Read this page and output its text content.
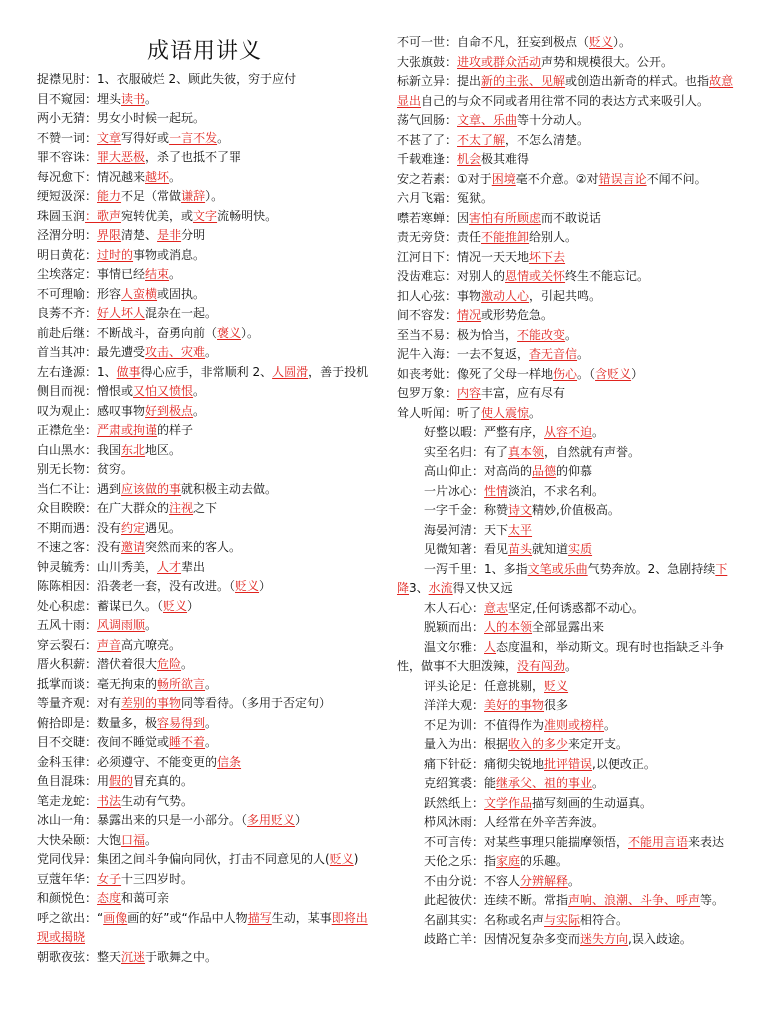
成语用讲义

捉襟见肘：1、衣服破烂 2、顾此失彼，穷于应付

目不窥园：埋头读书。

两小无猜：男女小时候一起玩。

不赞一词：文章写得好或一言不发。

罪不容诛：罪大恶极，杀了也抵不了罪

每况愈下：情况越来越坏。

绠短汲深：能力不足（常做谦辞）。

珠圆玉润：歌声宛转优美，或文字流畅明快。

泾渭分明：界限清楚、是非分明

明日黄花：过时的事物或消息。

尘埃落定：事情已经结束。

不可理喻：形容人蛮横或固执。

良莠不齐：好人坏人混杂在一起。

前赴后继：不断战斗，奋勇向前（褒义）。

首当其冲：最先遭受攻击、灾难。

左右逢源：1、做事得心应手，非常顺利 2、人圆滑，善于投机

侧目而视：憎恨或又怕又愤恨。

叹为观止：感叹事物好到极点。

正襟危坐：严肃或拘谨的样子

白山黑水：我国东北地区。

别无长物：贫穷。

当仁不让：遇到应该做的事就积极主动去做。

众目睽睽：在广大群众的注视之下

不期而遇：没有约定遇见。

不速之客：没有邀请突然而来的客人。

钟灵毓秀：山川秀美，人才辈出

陈陈相因：沿袭老一套，没有改进。（贬义）

处心积虑：蓄谋已久。（贬义）

五风十雨：风调雨顺。

穿云裂石：声音高亢嘹亮。

厝火积薪：潜伏着很大危险。

抵掌而谈：毫无拘束的畅所欲言。

等量齐观：对有差别的事物同等看待。（多用于否定句）

俯拾即是：数量多，极容易得到。

目不交睫：夜间不睡觉或睡不着。

金科玉律：必须遵守、不能变更的信条

鱼目混珠：用假的冒充真的。

笔走龙蛇：书法生动有气势。

冰山一角：暴露出来的只是一小部分。（多用贬义）

大快朵颐：大饱口福。

党同伐异：集团之间斗争偏向同伙，打击不同意见的人(贬义)

豆蔻年华：女子十三四岁时。

和颜悦色：态度和蔼可亲

呼之欲出：“画像画的好”或“作品中人物描写生动，某事即将出现或揭晓

朝歌夜弦：整天沉迷于歌舞之中。

不可一世：自命不凡，狂妄到极点（贬义）。

大张旗鼓：进攻或群众活动声势和规模很大。公开。

标新立异：提出新的主张、见解或创造出新奇的样式。也指故意显出自己的与众不同或者用往常不同的表达方式来吸引人。

荡气回肠：文章、乐曲等十分动人。

不甚了了：不太了解，不怎么清楚。

千载难逢：机会极其难得

安之若素：①对于困境毫不介意。②对错误言论不闻不问。

六月飞霜：冤狱。

噤若寒蝉：因害怕有所顾虑而不敢说话

责无旁贷：责任不能推卸给别人。

江河日下：情况一天天地坏下去

没齿难忘：对别人的恩情或关怀终生不能忘记。

扣人心弦：事物激动人心，引起共鸣。

间不容发：情况或形势危急。

至当不易：极为恰当，不能改变。

泥牛入海：一去不复返，杳无音信。

如丧考妣：像死了父母一样地伤心。（含贬义）

包罗万象：内容丰富，应有尽有

耸人听闻：听了使人震惊。

好整以暇：严整有序，从容不迫。

实至名归：有了真本领，自然就有声誉。

高山仰止：对高尚的品德的仰慕

一片冰心：性情淡泊，不求名利。

一字千金：称赞诗文精妙,价值极高。

海晏河清：天下太平

见微知著：看见苗头就知道实质

一泻千里：1、多指文笔或乐曲气势奔放。2、急剧持续下降3、水流得又快又远

木人石心：意志坚定,任何诱惑都不动心。

脱颖而出：人的本领全部显露出来

温文尔雅：人态度温和，举动斯文。现有时也指缺乏斗争性，做事不大胆泼辣，没有闯劲。

评头论足：任意挑剔，贬义

洋洋大观：美好的事物很多

不足为训：不值得作为准则或榜样。

量入为出：根据收入的多少来定开支。

痛下针砭：痛彻尖锐地批评错误,以便改正。

克绍箕裘：能继承父、祖的事业。

跃然纸上：文学作品描写刻画的生动逼真。

栉风沐雨：人经常在外辛苦奔波。

不可言传：对某些事理只能揣摩领悟，不能用言语来表达

天伦之乐：指家庭的乐趣。

不由分说：不容人分辨解释。

此起彼伏：连续不断。常指声响、浪潮、斗争、呼声等。

名副其实：名称或名声与实际相符合。

歧路亡羊：因情况复杂多变而迷失方向,误入歧途。
